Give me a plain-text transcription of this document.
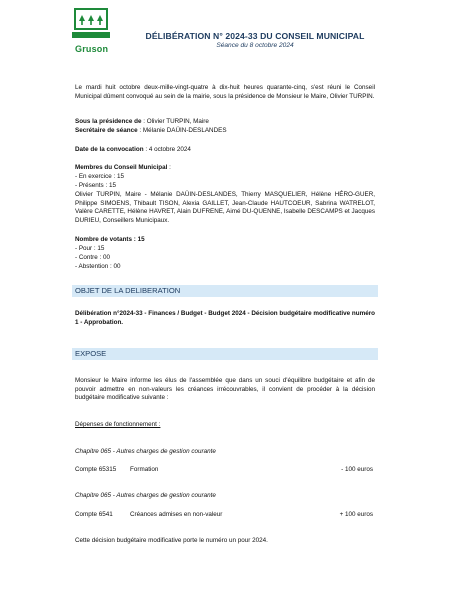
Gruson
DÉLIBÉRATION N° 2024-33 DU CONSEIL MUNICIPAL
Séance du 8 octobre 2024
Le mardi huit octobre deux-mille-vingt-quatre à dix-huit heures quarante-cinq, s'est réuni le Conseil Municipal dûment convoqué au sein de la mairie, sous la présidence de Monsieur le Maire, Olivier TURPIN.
Sous la présidence de : Olivier TURPIN, Maire
Secrétaire de séance : Mélanie DAÜIN-DESLANDES
Date de la convocation : 4 octobre 2024
Membres du Conseil Municipal :
- En exercice : 15
- Présents : 15
Olivier TURPIN, Maire - Mélanie DAÜIN-DESLANDES, Thierry MASQUELIER, Hélène HÉRO-GUER, Philippe SIMOENS, Thibault TISON, Alexia GAILLET, Jean-Claude HAUTCOEUR, Sabrina WATRELOT, Valère CARETTE, Hélène HAVRET, Alain DUFRENE, Aimé DU-QUENNE, Isabelle DESCAMPS et Jacques DURIEU, Conseillers Municipaux.
Nombre de votants : 15
- Pour : 15
- Contre : 00
- Abstention : 00
OBJET DE LA DELIBERATION
Délibération n°2024-33 - Finances / Budget - Budget 2024 - Décision budgétaire modificative numéro 1 - Approbation.
EXPOSE
Monsieur le Maire informe les élus de l'assemblée que dans un souci d'équilibre budgétaire et afin de pouvoir admettre en non-valeurs les créances irrécouvrables, il convient de procéder à la décision budgétaire modificative suivante :
Dépenses de fonctionnement :
Chapitre 065 - Autres charges de gestion courante
Compte 65315 Formation	- 100 euros
Chapitre 065 - Autres charges de gestion courante
Compte 6541	Créances admises en non-valeur	+ 100 euros
Cette décision budgétaire modificative porte le numéro un pour 2024.
